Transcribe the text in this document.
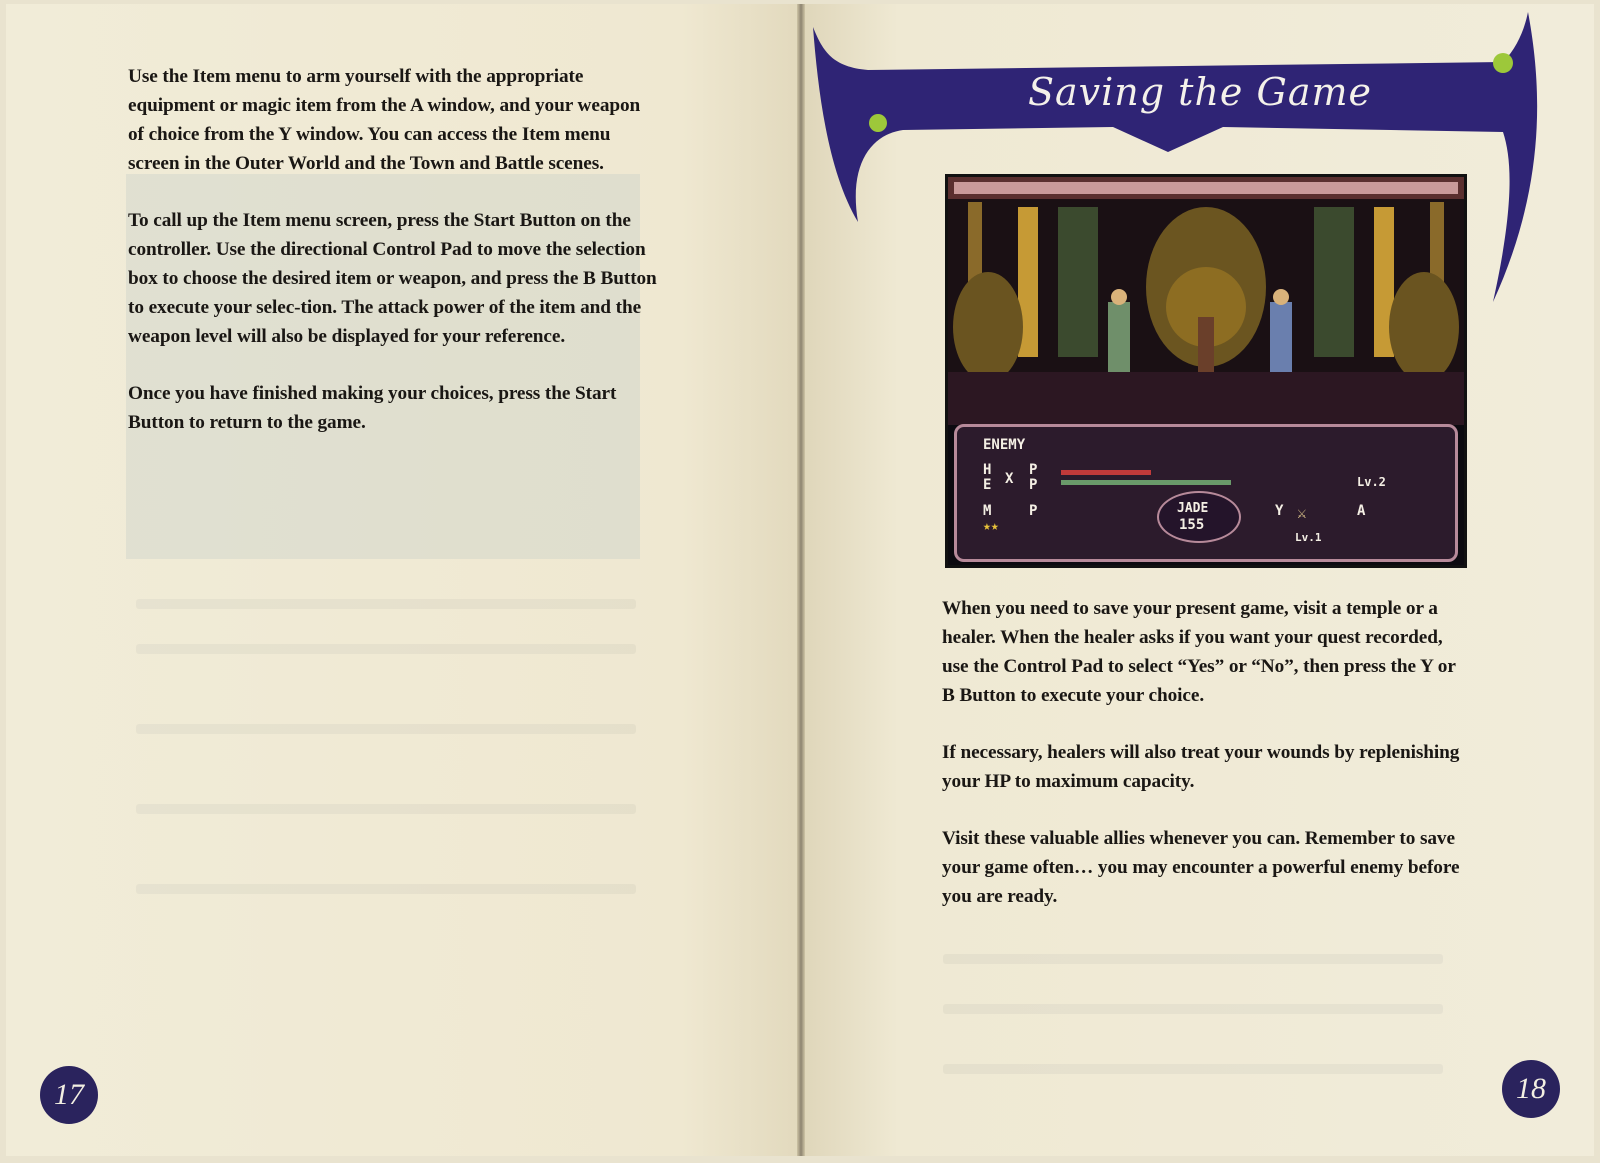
Use the Item menu to arm yourself with the appropriate equipment or magic item from the A window, and your weapon of choice from the Y window. You can access the Item menu screen in the Outer World and the Town and Battle scenes.

To call up the Item menu screen, press the Start Button on the controller. Use the directional Control Pad to move the selection box to choose the desired item or weapon, and press the B Button to execute your selec-tion. The attack power of the item and the weapon level will also be displayed for your reference.

Once you have finished making your choices, press the Start Button to return to the game.

17
Saving the Game
ENEMY
H
E X
P
P
M	P
★★
JADE
155
Y ⚔
Lv.1
A
Lv.2

When you need to save your present game, visit a temple or a healer. When the healer asks if you want your quest recorded, use the Control Pad to select “Yes” or “No”, then press the Y or B Button to execute your choice.

If necessary, healers will also treat your wounds by replenishing your HP to maximum capacity.

Visit these valuable allies whenever you can. Remember to save your game often… you may encounter a powerful enemy before you are ready.

18
